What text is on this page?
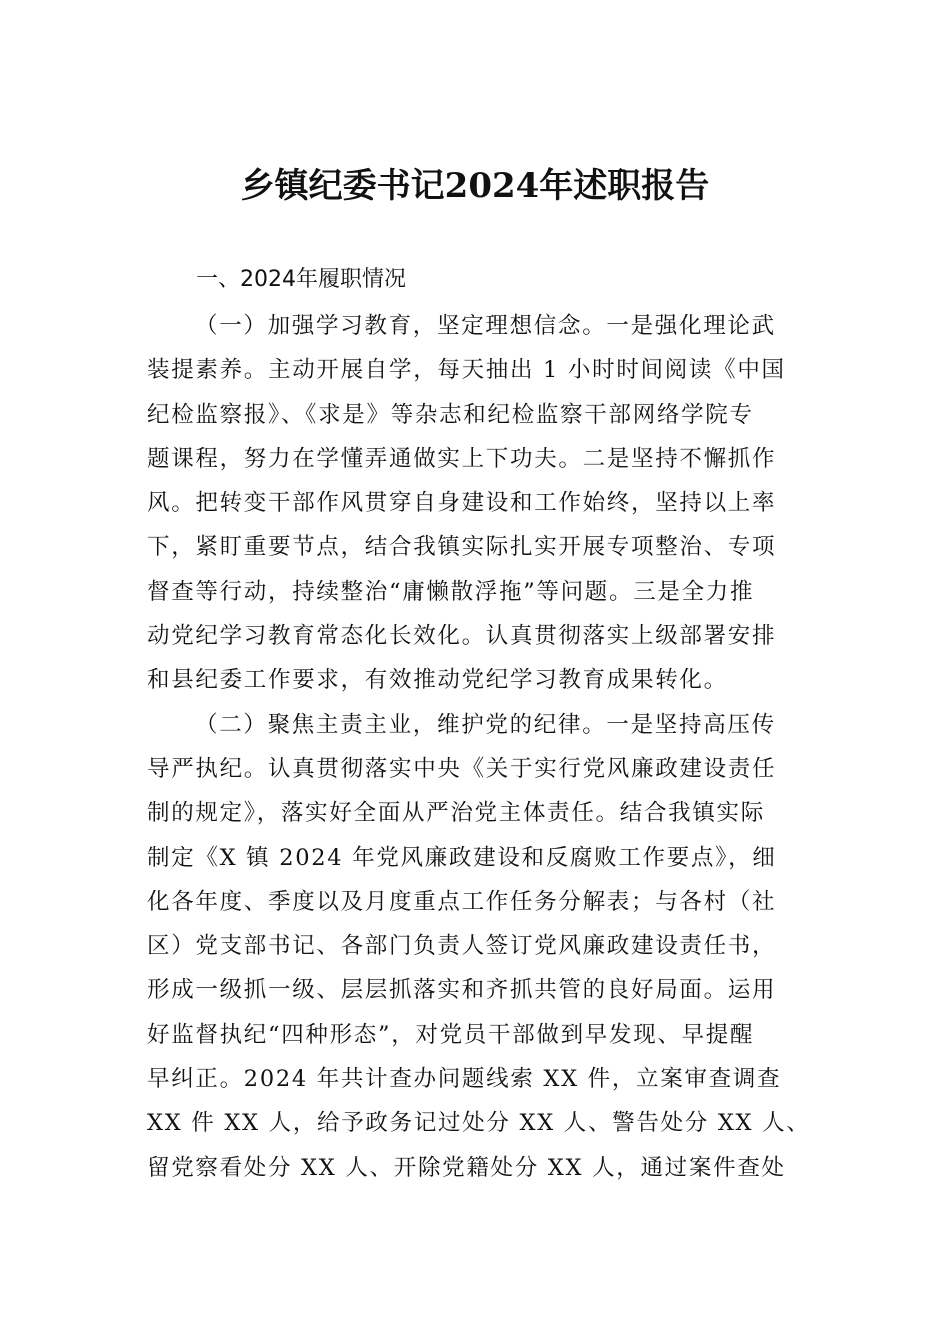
乡镇纪委书记2024年述职报告
一、2024年履职情况
（一）加强学习教育，坚定理想信念。一是强化理论武
装提素养。主动开展自学，每天抽出 1 小时时间阅读《中国
纪检监察报》、《求是》等杂志和纪检监察干部网络学院专
题课程，努力在学懂弄通做实上下功夫。二是坚持不懈抓作
风。把转变干部作风贯穿自身建设和工作始终，坚持以上率
下，紧盯重要节点，结合我镇实际扎实开展专项整治、专项
督查等行动，持续整治“庸懒散浮拖”等问题。三是全力推
动党纪学习教育常态化长效化。认真贯彻落实上级部署安排
和县纪委工作要求，有效推动党纪学习教育成果转化。
（二）聚焦主责主业，维护党的纪律。一是坚持高压传
导严执纪。认真贯彻落实中央《关于实行党风廉政建设责任
制的规定》，落实好全面从严治党主体责任。结合我镇实际
制定《X 镇 2024 年党风廉政建设和反腐败工作要点》，细
化各年度、季度以及月度重点工作任务分解表；与各村（社
区）党支部书记、各部门负责人签订党风廉政建设责任书，
形成一级抓一级、层层抓落实和齐抓共管的良好局面。运用
好监督执纪“四种形态”，对党员干部做到早发现、早提醒
早纠正。2024 年共计查办问题线索 XX 件，立案审查调查
XX 件 XX 人，给予政务记过处分 XX 人、警告处分 XX 人、
留党察看处分 XX 人、开除党籍处分 XX 人，通过案件查处
